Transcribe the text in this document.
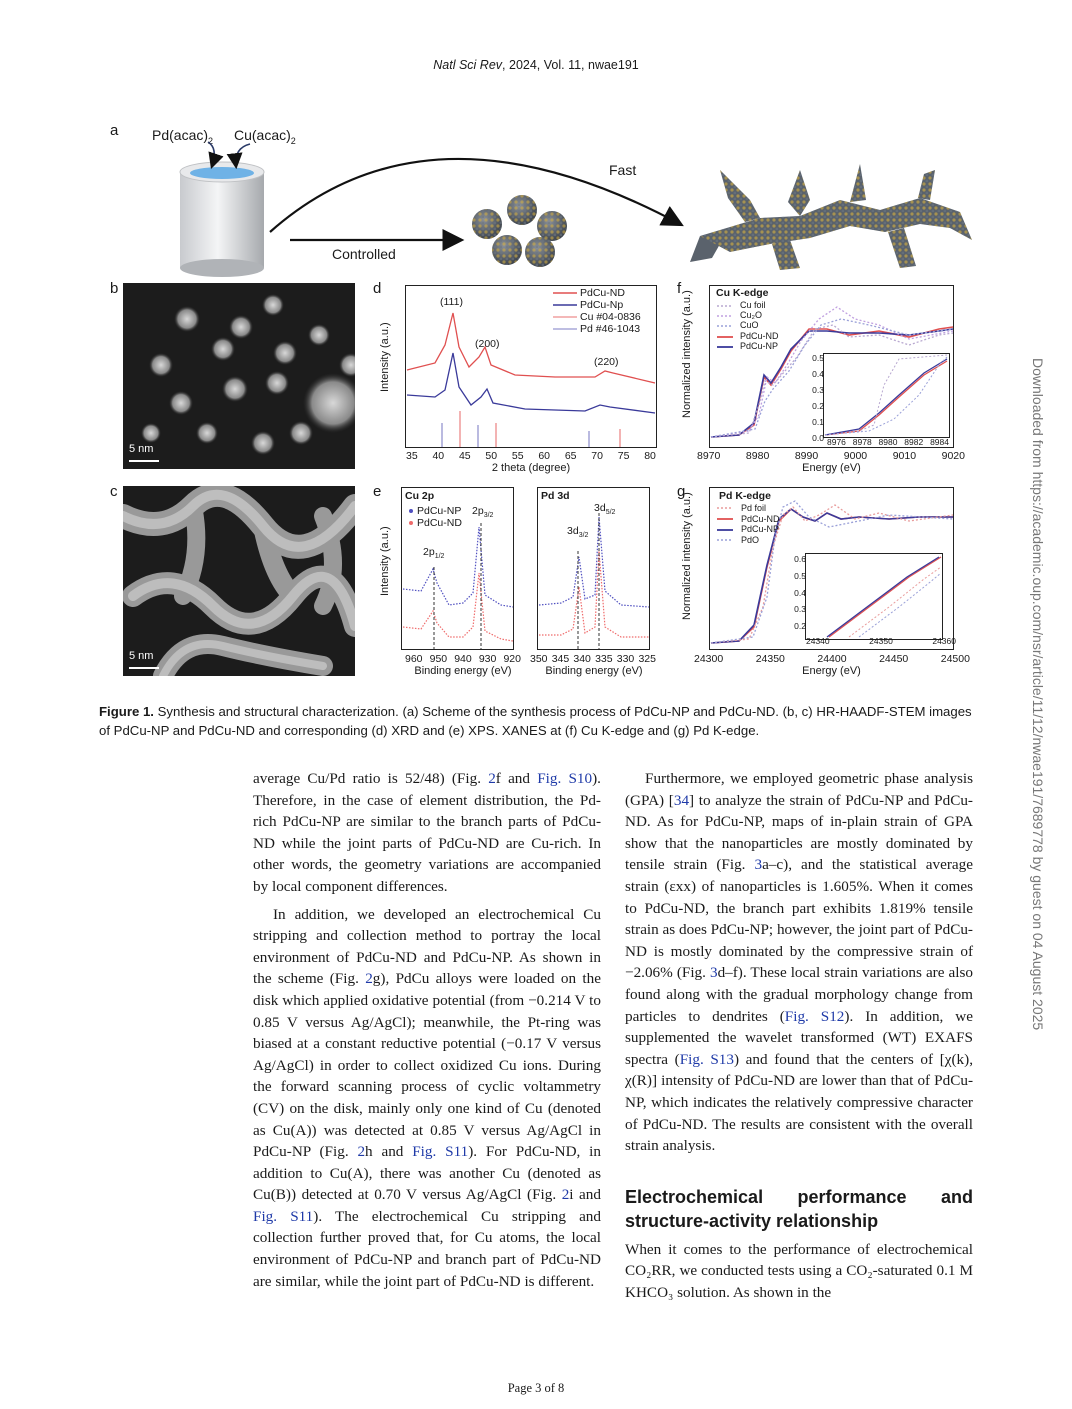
Natl Sci Rev, 2024, Vol. 11, nwae191
a $Pd(acac)_2$ $Cu(acac)_2$
Fast
Controlled
b
5 nm
c
5 nm
d
Intensity (a.u.)
PdCu-ND
PdCu-Np
Cu #04-0836
Pd #46-1043
(111)
(200)
(220)
35 40 45 50 55 60 65 70 75 80
2 theta (degree)
e
Intensity (a.u.)
Cu 2p	Pd 3d
PdCu-NP
PdCu-ND
$2p_{1/2}$
$2p_{3/2}$
$3d_{3/2}$
$3d_{5/2}$
960 950 940 930 920 350 345 340 335 330 325
Binding energy (eV)	Binding energy (eV)
f
Normalized intensity (a.u.) Cu K-edge
Cu foil
Cu₂O
CuO
PdCu-ND
PdCu-NP
0.5
0.4
0.3
0.2
0.1
0.0 8976 8978 8980 8982 8984
8970 8980 8990 9000 9010 9020
Energy (eV)
g
Normalized intensity (a.u.) Pd K-edge
Pd foil
PdCu-ND
PdCu-NP
PdO
0.6
0.5
0.4
0.3
0.2
24340	24350	24360
24300	24350	24400	24450	24500
Energy (eV)
Figure 1. Synthesis and structural characterization. (a) Scheme of the synthesis process of PdCu-NP and PdCu-ND. (b, c) HR-HAADF-STEM images of PdCu-NP and PdCu-ND and corresponding (d) XRD and (e) XPS. XANES at (f) Cu K-edge and (g) Pd K-edge.

average Cu/Pd ratio is 52/48) (Fig. 2f and Fig. S10). Therefore, in the case of element distribution, the Pd-rich PdCu-NP are similar to the branch parts of PdCu-ND while the joint parts of PdCu-ND are Cu-rich. In other words, the geometry variations are accompanied by local component differences.

In addition, we developed an electrochemical Cu stripping and collection method to portray the local environment of PdCu-ND and PdCu-NP. As shown in the scheme (Fig. 2g), PdCu alloys were loaded on the disk which applied oxidative potential (from −0.214 V to 0.85 V versus Ag/AgCl); meanwhile, the Pt-ring was biased at a constant reductive potential (−0.17 V versus Ag/AgCl) in order to collect oxidized Cu ions. During the forward scanning process of cyclic voltammetry (CV) on the disk, mainly only one kind of Cu (denoted as Cu(A)) was detected at 0.85 V versus Ag/AgCl in PdCu-NP (Fig. 2h and Fig. S11). For PdCu-ND, in addition to Cu(A), there was another Cu (denoted as Cu(B)) detected at 0.70 V versus Ag/AgCl (Fig. 2i and Fig. S11). The electrochemical Cu stripping and collection further proved that, for Cu atoms, the local environment of PdCu-NP and branch part of PdCu-ND are similar, while the joint part of PdCu-ND is different.

Furthermore, we employed geometric phase analysis (GPA) [34] to analyze the strain of PdCu-NP and PdCu-ND. As for PdCu-NP, maps of in-plain strain of GPA show that the nanoparticles are mostly dominated by tensile strain (Fig. 3a–c), and the statistical average strain (εxx) of nanoparticles is 1.605%. When it comes to PdCu-ND, the branch part exhibits 1.819% tensile strain as does PdCu-NP; however, the joint part of PdCu-ND is mostly dominated by the compressive strain of −2.06% (Fig. 3d–f). These local strain variations are also found along with the gradual morphology change from particles to dendrites (Fig. S12). In addition, we supplemented the wavelet transformed (WT) EXAFS spectra (Fig. S13) and found that the centers of [χ(k), χ(R)] intensity of PdCu-ND are lower than that of PdCu-NP, which indicates the relatively compressive character of PdCu-ND. The results are consistent with the overall strain analysis.

Electrochemical performance and structure-activity relationship

When it comes to the performance of electrochemical CO₂RR, we conducted tests using a CO₂-saturated 0.1 M KHCO₃ solution. As shown in the

Page 3 of 8
Downloaded from https://academic.oup.com/nsr/article/11/12/nwae191/7689778 by guest on 04 August 2025
